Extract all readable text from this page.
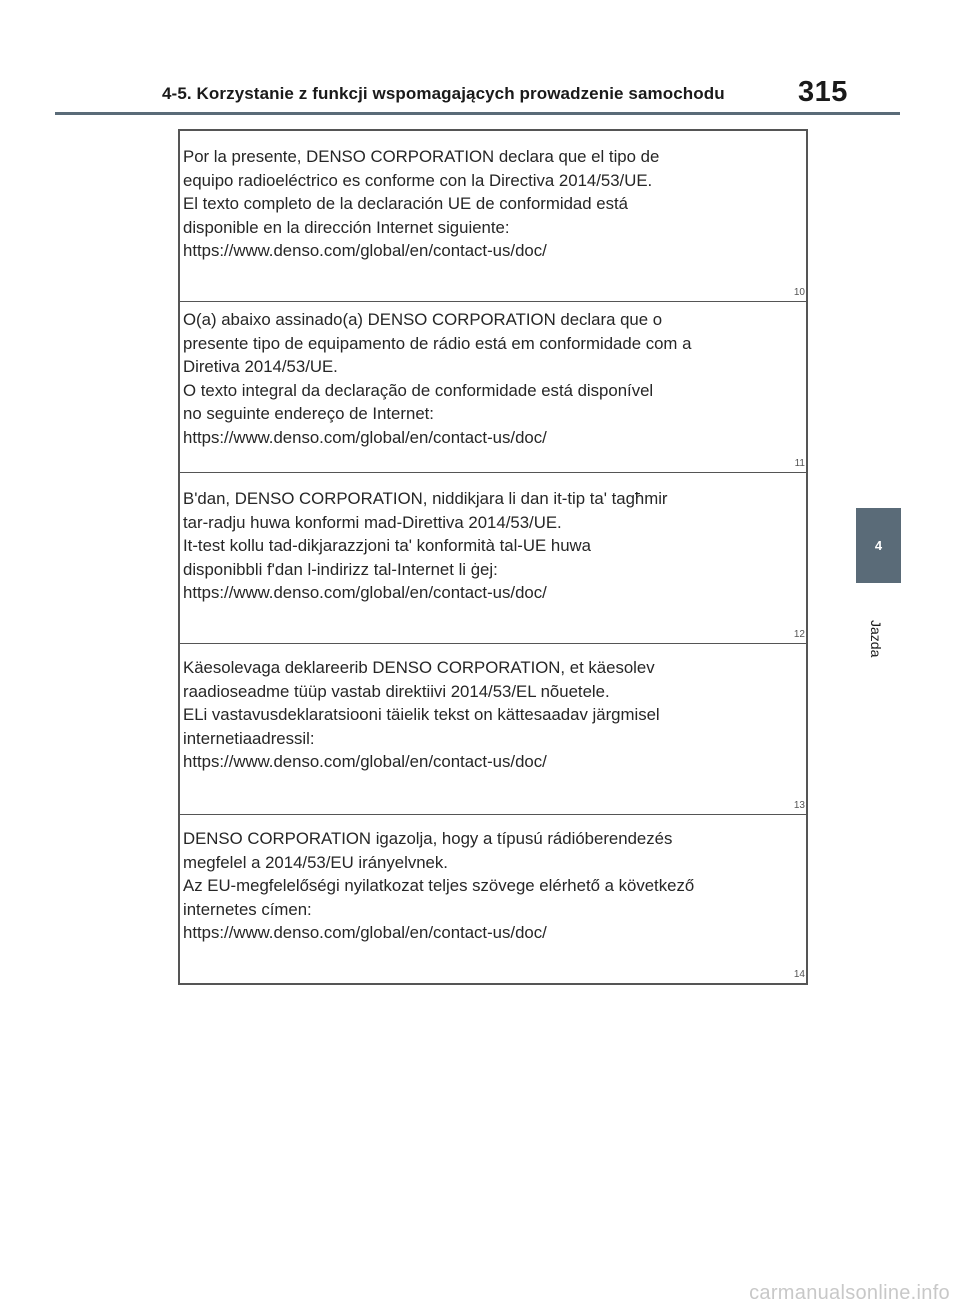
4-5. Korzystanie z funkcji wspomagających prowadzenie samochodu	315
Por la presente, DENSO CORPORATION declara que el tipo de
equipo radioeléctrico es conforme con la Directiva 2014/53/UE.
El texto completo de la declaración UE de conformidad está
disponible en la dirección Internet siguiente:
https://www.denso.com/global/en/contact-us/doc/
10
O(a) abaixo assinado(a) DENSO CORPORATION declara que o
presente tipo de equipamento de rádio está em conformidade com a
Diretiva 2014/53/UE.
O texto integral da declaração de conformidade está disponível
no seguinte endereço de Internet:
https://www.denso.com/global/en/contact-us/doc/
11
B'dan, DENSO CORPORATION, niddikjara li dan it-tip ta' tagħmir
tar-radju huwa konformi mad-Direttiva 2014/53/UE.
It-test kollu tad-dikjarazzjoni ta' konformità tal-UE huwa
disponibbli f'dan l-indirizz tal-Internet li ġej:
https://www.denso.com/global/en/contact-us/doc/
12
Käesolevaga deklareerib DENSO CORPORATION, et käesolev
raadioseadme tüüp vastab direktiivi 2014/53/EL nõuetele.
ELi vastavusdeklaratsiooni täielik tekst on kättesaadav järgmisel
internetiaadressil:
https://www.denso.com/global/en/contact-us/doc/
13
DENSO CORPORATION igazolja, hogy a típusú rádióberendezés
megfelel a 2014/53/EU irányelvnek.
Az EU-megfelelőségi nyilatkozat teljes szövege elérhető a következő
internetes címen:
https://www.denso.com/global/en/contact-us/doc/
14
4
Jazda
carmanualsonline.info
